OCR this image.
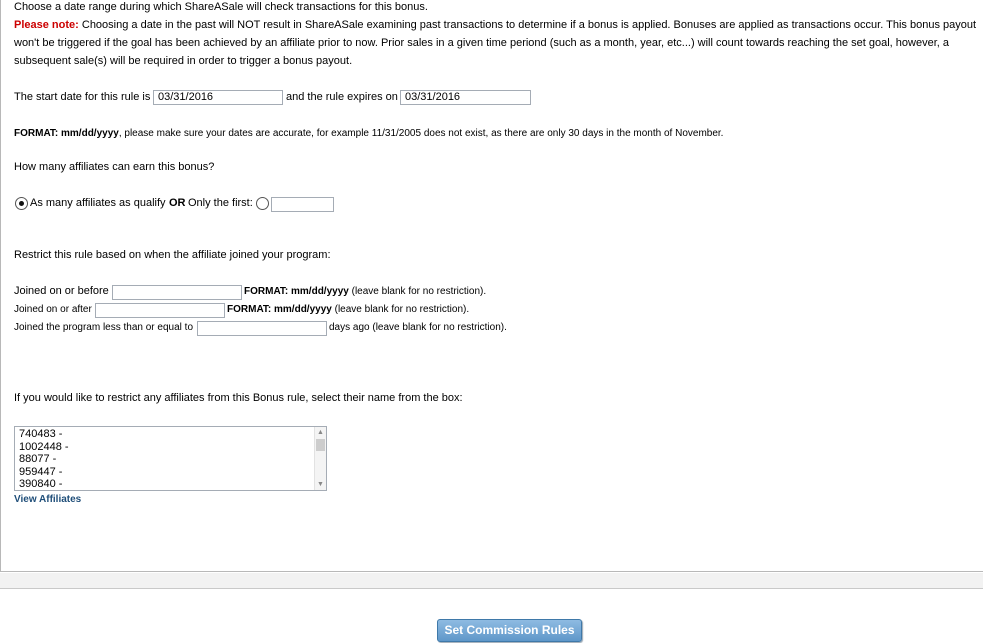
Choose a date range during which ShareASale will check transactions for this bonus.
Please note: Choosing a date in the past will NOT result in ShareASale examining past transactions to determine if a bonus is applied. Bonuses are applied as transactions occur. This bonus payout
won't be triggered if the goal has been achieved by an affiliate prior to now. Prior sales in a given time periond (such as a month, year, etc...) will count towards reaching the set goal, however, a
subsequent sale(s) will be required in order to trigger a bonus payout.
The start date for this rule is
03/31/2016	and the rule expires on
03/31/2016
FORMAT: mm/dd/yyyy, please make sure your dates are accurate, for example 11/31/2005 does not exist, as there are only 30 days in the month of November.
How many affiliates can earn this bonus?
As many affiliates as qualify OR Only the first:
Restrict this rule based on when the affiliate joined your program:
Joined on or before	FORMAT: mm/dd/yyyy (leave blank for no restriction).
Joined on or after	FORMAT: mm/dd/yyyy (leave blank for no restriction).
Joined the program less than or equal to	days ago (leave blank for no restriction).
If you would like to restrict any affiliates from this Bonus rule, select their name from the box:
740483 -
1002448 -
88077 -
959447 -
390840 -
▲
▼
View Affiliates
Set Commission Rules
